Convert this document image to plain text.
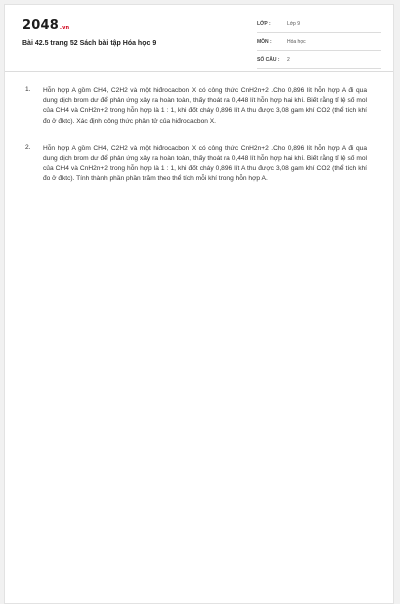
2048.vn
Bài 42.5 trang 52 Sách bài tập Hóa học 9
LỚP :	Lớp 9
MÔN :	Hóa học
SỐ CÂU : 2
1. Hỗn hợp A gồm CH4, C2H2 và một hiđrocacbon X có công thức CnH2n+2 .Cho 0,896 lít hỗn hợp A đi qua dung dịch brom dư để phản ứng xảy ra hoàn toàn, thấy thoát ra 0,448 lít hỗn hợp hai khí. Biết rằng tỉ lệ số mol của CH4 và CnH2n+2 trong hỗn hợp là 1 : 1, khi đốt cháy 0,896 lít A thu được 3,08 gam khí CO2 (thể tích khí đo ở đktc). Xác định công thức phân tử của hiđrocacbon X.
2. Hỗn hợp A gồm CH4, C2H2 và một hiđrocacbon X có công thức CnH2n+2 .Cho 0,896 lít hỗn hợp A đi qua dung dịch brom dư để phản ứng xảy ra hoàn toàn, thấy thoát ra 0,448 lít hỗn hợp hai khí. Biết rằng tỉ lệ số mol của CH4 và CnH2n+2 trong hỗn hợp là 1 : 1, khi đốt cháy 0,896 lít A thu được 3,08 gam khí CO2 (thể tích khí đo ở đktc). Tính thành phần phần trăm theo thể tích mỗi khí trong hỗn hợp A.
